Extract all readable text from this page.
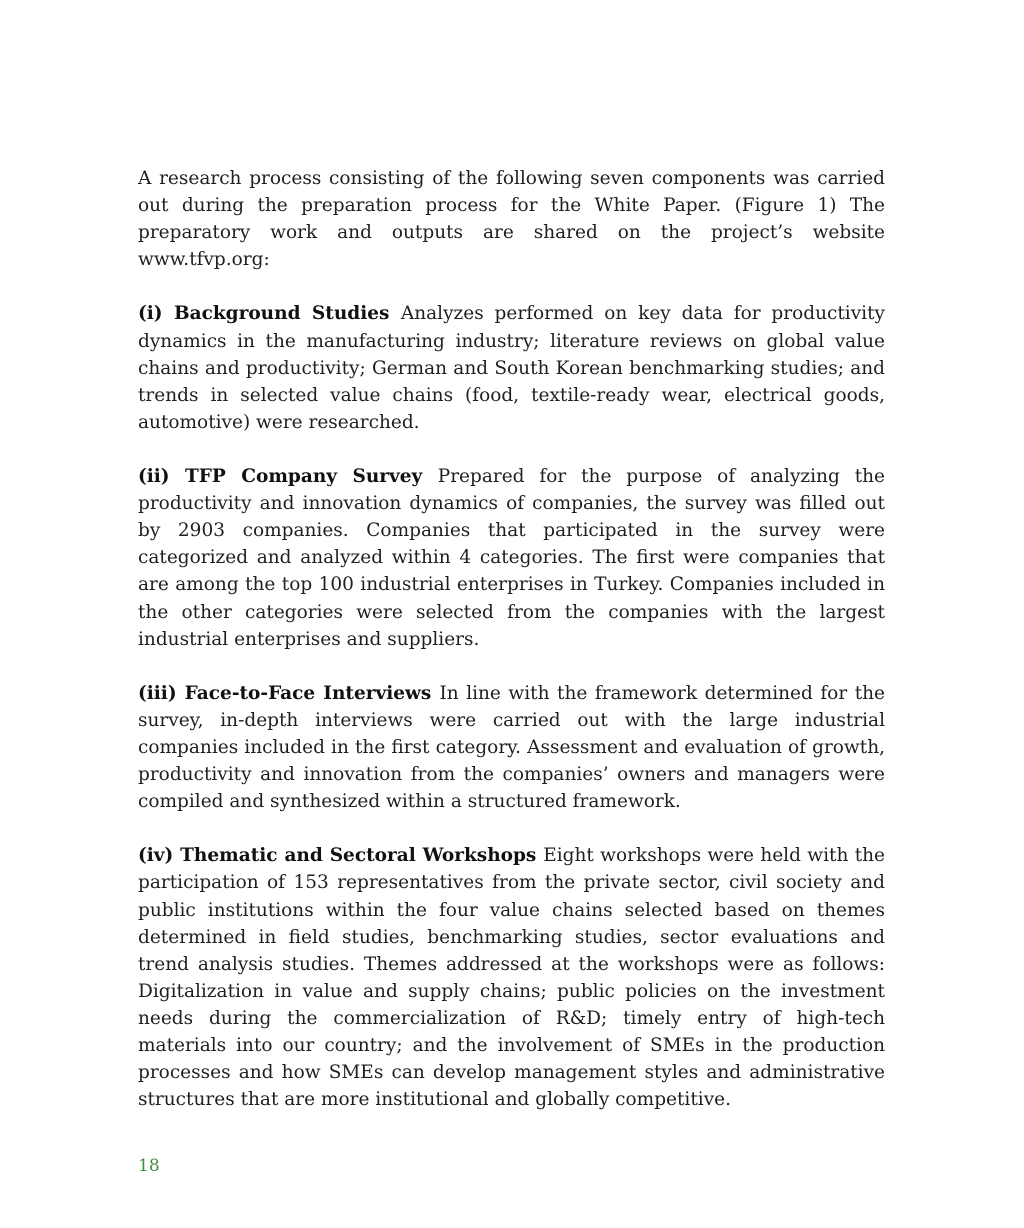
A research process consisting of the following seven components was carried out during the preparation process for the White Paper. (Figure 1) The preparatory work and outputs are shared on the project’s website www.tfvp.org:

(i) Background Studies Analyzes performed on key data for productivity dynamics in the manufacturing industry; literature reviews on global value chains and productivity; German and South Korean benchmarking studies; and trends in selected value chains (food, textile-ready wear, electrical goods, automotive) were researched.

(ii) TFP Company Survey Prepared for the purpose of analyzing the productivity and innovation dynamics of companies, the survey was filled out by 2903 companies. Companies that participated in the survey were categorized and analyzed within 4 categories. The first were companies that are among the top 100 industrial enterprises in Turkey. Companies included in the other categories were selected from the companies with the largest industrial enterprises and suppliers.

(iii) Face-to-Face Interviews In line with the framework determined for the survey, in-depth interviews were carried out with the large industrial companies included in the first category. Assessment and evaluation of growth, productivity and innovation from the companies’ owners and managers were compiled and synthesized within a structured framework.

(iv) Thematic and Sectoral Workshops Eight workshops were held with the participation of 153 representatives from the private sector, civil society and public institutions within the four value chains selected based on themes determined in field studies, benchmarking studies, sector evaluations and trend analysis studies. Themes addressed at the workshops were as follows: Digitalization in value and supply chains; public policies on the investment needs during the commercialization of R&D; timely entry of high-tech materials into our country; and the involvement of SMEs in the production processes and how SMEs can develop management styles and administrative structures that are more institutional and globally competitive.

18
